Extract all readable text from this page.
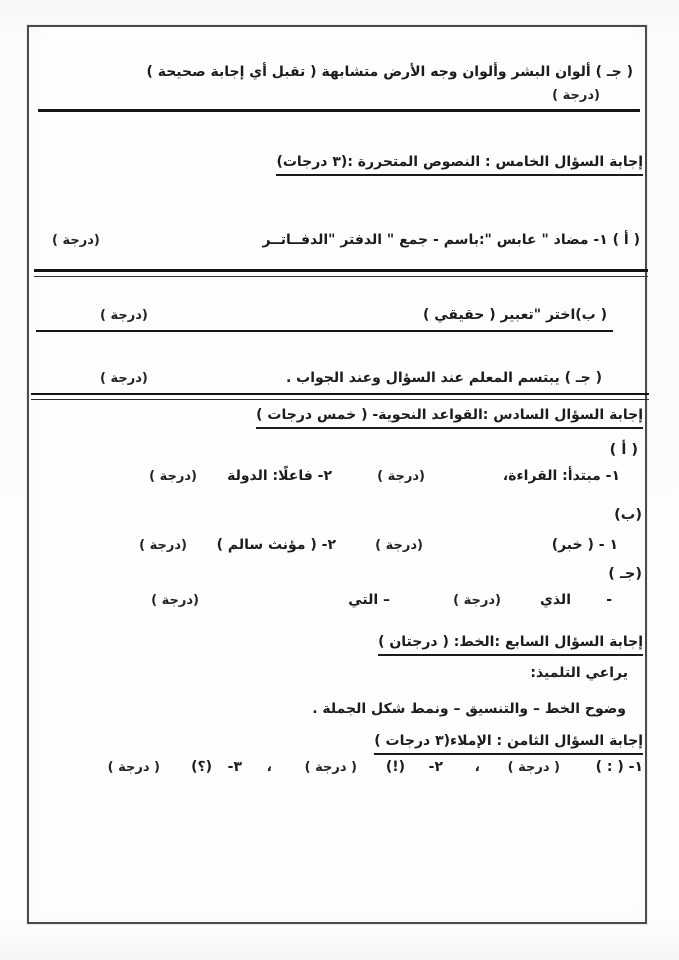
( جـ ) ألوان البشر وألوان وجه الأرض متشابهة ( تقبل أي إجابة صحيحة )
(درجة )
إجابة السؤال الخامس : النصوص المتحررة :(٣ درجات)
( أ ) ١- مضاد " عابس ":باسم - جمع " الدفتر "الدفــاتــر
(درجة )
( ب)اختر "تعبير ( حقيقي )
(درجة )
( جـ ) يبتسم المعلم عند السؤال وعند الجواب .
(درجة )
إجابة السؤال السادس :القواعد النحوية- ( خمس درجات )
( أ )
١- مبتدأ: القراءة،
(درجة )
٢- فاعلًا: الدولة
(درجة )
(ب)
١ - ( خبر)
(درجة )
٢- ( مؤنث سالم )
(درجة )
(جـ )
-
الذي
(درجة )
– التي
(درجة )
إجابة السؤال السابع :الخط: ( درجتان )
يراعي التلميذ:
وضوح الخط – والتنسيق – ونمط شكل الجملة .
إجابة السؤال الثامن : الإملاء(٣ درجات )
١- ( : )
( درجة )
،
٢-
(!)
( درجة )
،
٣-
(؟)
( درجة )
